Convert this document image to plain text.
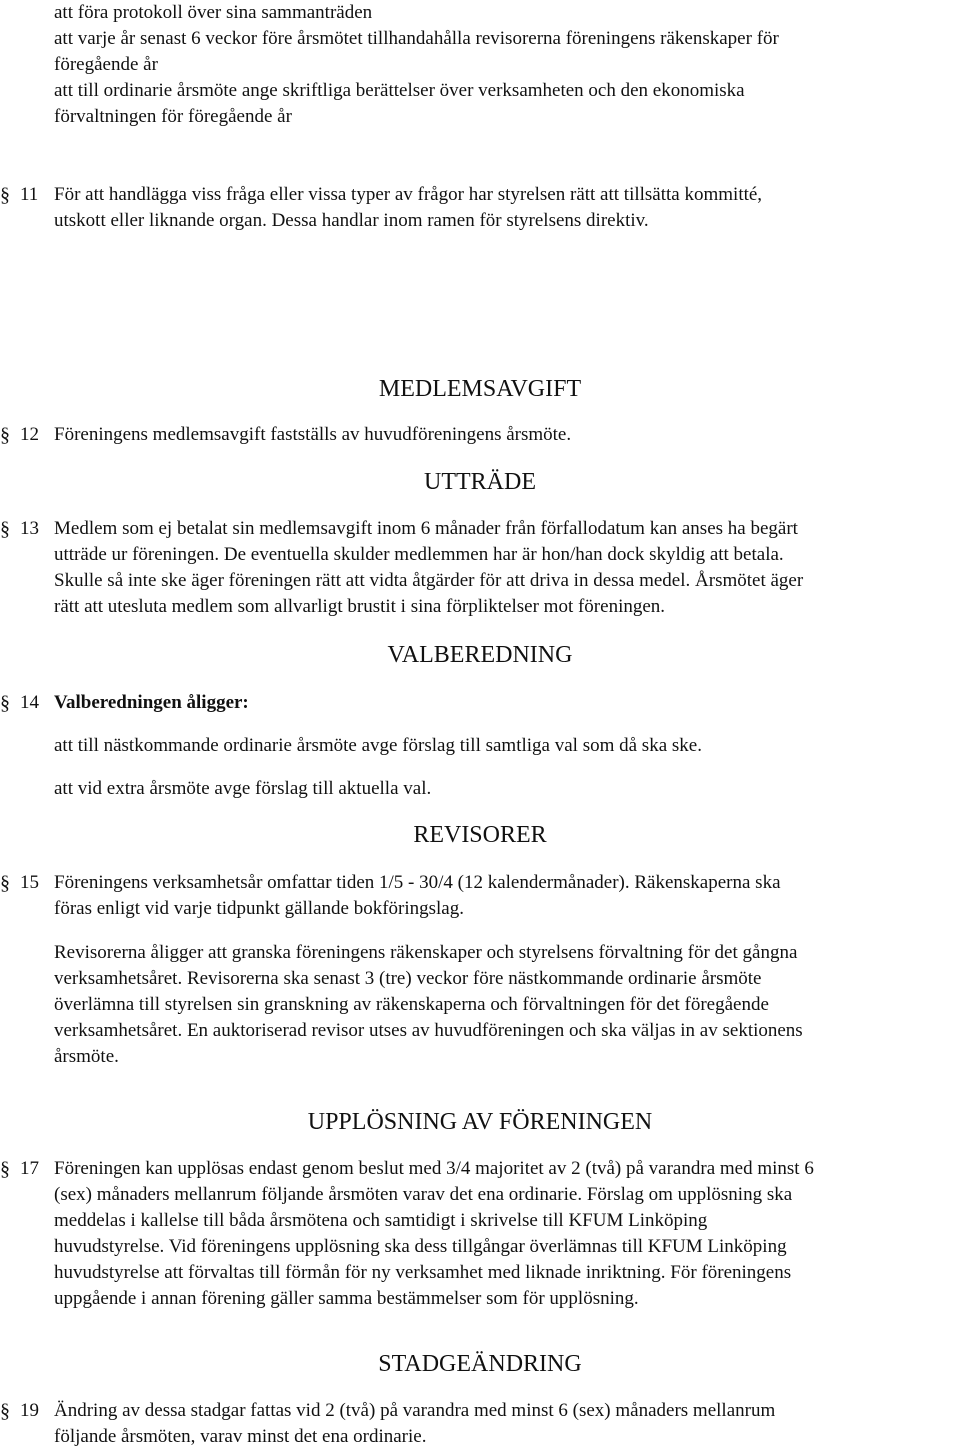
att föra protokoll över sina sammanträden
att varje år senast 6 veckor före årsmötet tillhandahålla revisorerna föreningens räkenskaper för
föregående år
att till ordinarie årsmöte ange skriftliga berättelser över verksamheten och den ekonomiska
förvaltningen för föregående år
§ 11 För att handlägga viss fråga eller vissa typer av frågor har styrelsen rätt att tillsätta kommitté,

utskott eller liknande organ. Dessa handlar inom ramen för styrelsens direktiv.

MEDLEMSAVGIFT
§ 12 Föreningens medlemsavgift fastställs av huvudföreningens årsmöte.

UTTRÄDE
§ 13 Medlem som ej betalat sin medlemsavgift inom 6 månader från förfallodatum kan anses ha begärt

utträde ur föreningen. De eventuella skulder medlemmen har är hon/han dock skyldig att betala.

Skulle så inte ske äger föreningen rätt att vidta åtgärder för att driva in dessa medel. Årsmötet äger

rätt att utesluta medlem som allvarligt brustit i sina förpliktelser mot föreningen.

VALBEREDNING
§ 14 Valberedningen åligger:

att till nästkommande ordinarie årsmöte avge förslag till samtliga val som då ska ske.
att vid extra årsmöte avge förslag till aktuella val.
REVISORER
§ 15 Föreningens verksamhetsår omfattar tiden 1/5 - 30/4 (12 kalendermånader). Räkenskaperna ska

föras enligt vid varje tidpunkt gällande bokföringslag.

Revisorerna åligger att granska föreningens räkenskaper och styrelsens förvaltning för det gångna

verksamhetsåret. Revisorerna ska senast 3 (tre) veckor före nästkommande ordinarie årsmöte

överlämna till styrelsen sin granskning av räkenskaperna och förvaltningen för det föregående

verksamhetsåret. En auktoriserad revisor utses av huvudföreningen och ska väljas in av sektionens

årsmöte.

UPPLÖSNING AV FÖRENINGEN
§ 17 Föreningen kan upplösas endast genom beslut med 3/4 majoritet av 2 (två) på varandra med minst 6

(sex) månaders mellanrum följande årsmöten varav det ena ordinarie. Förslag om upplösning ska

meddelas i kallelse till båda årsmötena och samtidigt i skrivelse till KFUM Linköping

huvudstyrelse. Vid föreningens upplösning ska dess tillgångar överlämnas till KFUM Linköping

huvudstyrelse att förvaltas till förmån för ny verksamhet med liknade inriktning. För föreningens

uppgående i annan förening gäller samma bestämmelser som för upplösning.

STADGEÄNDRING
§ 19 Ändring av dessa stadgar fattas vid 2 (två) på varandra med minst 6 (sex) månaders mellanrum

följande årsmöten, varav minst det ena ordinarie.
